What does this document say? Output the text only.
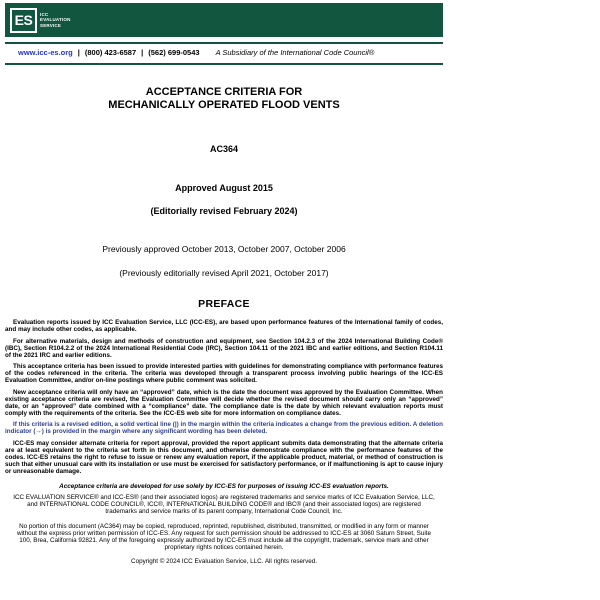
ES ICC
EVALUATION
SERVICE
www.icc-es.org | (800) 423-6587 | (562) 699-0543 A Subsidiary of the International Code Council®
ACCEPTANCE CRITERIA FOR
MECHANICALLY OPERATED FLOOD VENTS
AC364
Approved August 2015
(Editorially revised February 2024)
Previously approved October 2013, October 2007, October 2006
(Previously editorially revised April 2021, October 2017)
PREFACE

Evaluation reports issued by ICC Evaluation Service, LLC (ICC-ES), are based upon performance features of the International family of codes, and may include other codes, as applicable.

For alternative materials, design and methods of construction and equipment, see Section 104.2.3 of the 2024 International Building Code® (IBC), Section R104.2.2 of the 2024 International Residential Code (IRC), Section 104.11 of the 2021 IBC and earlier editions, and Section R104.11 of the 2021 IRC and earlier editions.

This acceptance criteria has been issued to provide interested parties with guidelines for demonstrating compliance with performance features of the codes referenced in the criteria. The criteria was developed through a transparent process involving public hearings of the ICC-ES Evaluation Committee, and/or on-line postings where public comment was solicited.

New acceptance criteria will only have an “approved” date, which is the date the document was approved by the Evaluation Committee. When existing acceptance criteria are revised, the Evaluation Committee will decide whether the revised document should carry only an “approved” date, or an “approved” date combined with a “compliance” date. The compliance date is the date by which relevant evaluation reports must comply with the requirements of the criteria. See the ICC-ES web site for more information on compliance dates.

If this criteria is a revised edition, a solid vertical line (|) in the margin within the criteria indicates a change from the previous edition. A deletion indicator (→) is provided in the margin where any significant wording has been deleted.

ICC-ES may consider alternate criteria for report approval, provided the report applicant submits data demonstrating that the alternate criteria are at least equivalent to the criteria set forth in this document, and otherwise demonstrate compliance with the performance features of the codes. ICC-ES retains the right to refuse to issue or renew any evaluation report, if the applicable product, material, or method of construction is such that either unusual care with its installation or use must be exercised for satisfactory performance, or if malfunctioning is apt to cause injury or unreasonable damage.

Acceptance criteria are developed for use solely by ICC-ES for purposes of issuing ICC-ES evaluation reports.

ICC EVALUATION SERVICE® and ICC-ES® (and their associated logos) are registered trademarks and service marks of ICC Evaluation Service, LLC, and INTERNATIONAL CODE COUNCIL®, ICC®, INTERNATIONAL BUILDING CODE® and IBC® (and their associated logos) are registered trademarks and service marks of its parent company, International Code Council, Inc.

No portion of this document (AC364) may be copied, reproduced, reprinted, republished, distributed, transmitted, or modified in any form or manner without the express prior written permission of ICC-ES. Any request for such permission should be addressed to ICC-ES at 3060 Saturn Street, Suite 100, Brea, California 92821. Any of the foregoing expressly authorized by ICC-ES must include all the copyright, trademark, service mark and other proprietary rights notices contained herein.

Copyright © 2024 ICC Evaluation Service, LLC. All rights reserved.
